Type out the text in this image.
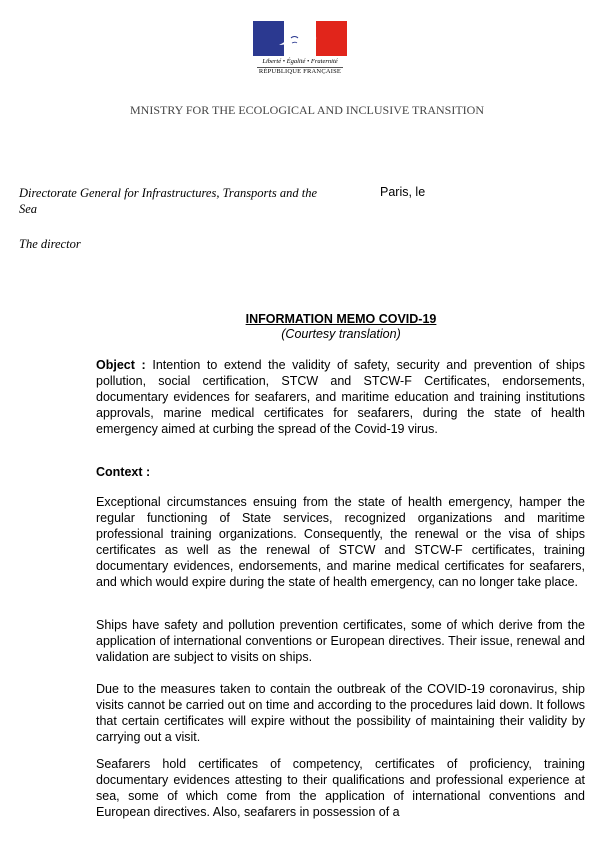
Liberté • Égalité • Fraternité
RÉPUBLIQUE FRANÇAISE
MNISTRY FOR THE ECOLOGICAL AND INCLUSIVE TRANSITION
Directorate General for Infrastructures, Transports and the Sea
Paris, le
The director
INFORMATION MEMO COVID-19
(Courtesy translation)
Object : Intention to extend the validity of safety, security and prevention of ships pollution, social certification, STCW and STCW-F Certificates, endorsements, documentary evidences for seafarers, and maritime education and training institutions approvals, marine medical certificates for seafarers, during the state of health emergency aimed at curbing the spread of the Covid-19 virus.
Context :
Exceptional circumstances ensuing from the state of health emergency, hamper the regular functioning of State services, recognized organizations and maritime professional training organizations. Consequently, the renewal or the visa of ships certificates as well as the renewal of STCW and STCW-F certificates, training documentary evidences, endorsements, and marine medical certificates for seafarers, and which would expire during the state of health emergency, can no longer take place.
Ships have safety and pollution prevention certificates, some of which derive from the application of international conventions or European directives. Their issue, renewal and validation are subject to visits on ships.
Due to the measures taken to contain the outbreak of the COVID-19 coronavirus, ship visits cannot be carried out on time and according to the procedures laid down. It follows that certain certificates will expire without the possibility of maintaining their validity by carrying out a visit.
Seafarers hold certificates of competency, certificates of proficiency, training documentary evidences attesting to their qualifications and professional experience at sea, some of which come from the application of international conventions and European directives. Also, seafarers in possession of a
